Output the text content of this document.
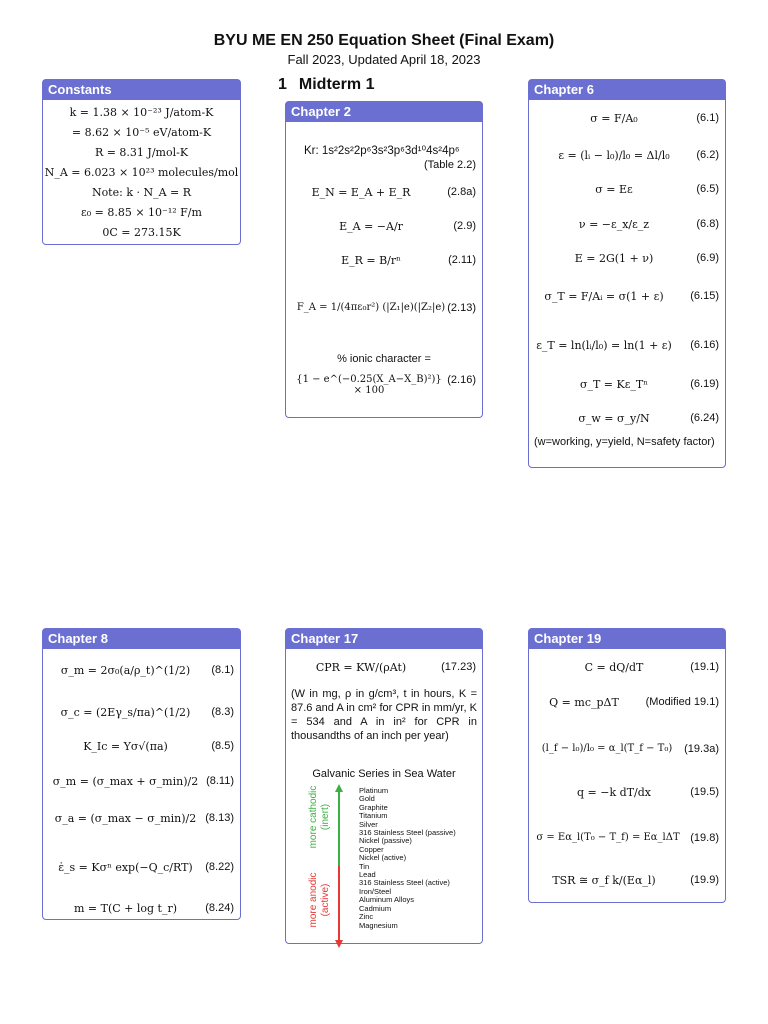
BYU ME EN 250 Equation Sheet (Final Exam)
Fall 2023, Updated April 18, 2023
1 Midterm 1
Constants
k = 1.38 × 10⁻²³ J/atom-K
= 8.62 × 10⁻⁵ eV/atom-K
R = 8.31 J/mol-K
N_A = 6.023 × 10²³ molecules/mol
Note: k · N_A = R
ε₀ = 8.85 × 10⁻¹² F/m
0C = 273.15K
Chapter 2
Kr: 1s²2s²2p⁶3s²3p⁶3d¹⁰4s²4p⁶
(Table 2.2)
E_N = E_A + E_R	(2.8a)
E_A = −A/r	(2.9)
E_R = B/rⁿ	(2.11)
F_A = 1/(4πε₀r²) (|Z₁|e)(|Z₂|e) (2.13)
% ionic character =
{1 − e^(−0.25(X_A−X_B)²)} × 100
(2.16)
Chapter 6
σ = F/A₀	(6.1)
ε = (lᵢ − l₀)/l₀ = Δl/l₀	(6.2)
σ = Eε	(6.5)
ν = −ε_x/ε_z	(6.8)
E = 2G(1 + ν)	(6.9)
σ_T = F/Aᵢ = σ(1 + ε)	(6.15)
ε_T = ln(lᵢ/l₀) = ln(1 + ε)	(6.16)
σ_T = Kε_Tⁿ	(6.19)
σ_w = σ_y/N	(6.24)
(w=working, y=yield, N=safety factor)
Chapter 8
σ_m = 2σ₀(a/ρ_t)^(1/2)	(8.1)
σ_c = (2Eγ_s/πa)^(1/2)	(8.3)
K_Ic = Yσ√(πa)	(8.5)
σ_m = (σ_max + σ_min)/2 (8.11)
σ_a = (σ_max − σ_min)/2 (8.13)
ε̇_s = Kσⁿ exp(−Q_c/RT)	(8.22)
m = T(C + log t_r)	(8.24)
Chapter 17
CPR = KW/(ρAt)	(17.23)
(W in mg, ρ in g/cm³, t in hours, K = 87.6 and A in cm² for CPR in mm/yr, K = 534 and A in in² for CPR in thousandths of an inch per year)
Galvanic Series in Sea Water
more cathodic (inert)
more anodic (active)
Platinum
Gold
Graphite
Titanium
Silver
316 Stainless Steel (passive)
Nickel (passive)
Copper
Nickel (active)
Tin
Lead
316 Stainless Steel (active)
Iron/Steel
Aluminum Alloys
Cadmium
Zinc
Magnesium
Chapter 19
C = dQ/dT	(19.1)
Q = mc_pΔT	(Modified 19.1)
(l_f − l₀)/l₀ = α_l(T_f − T₀)	(19.3a)
q = −k dT/dx	(19.5)
σ = Eα_l(T₀ − T_f) = Eα_lΔT (19.8)
TSR ≅ σ_f k/(Eα_l)	(19.9)
